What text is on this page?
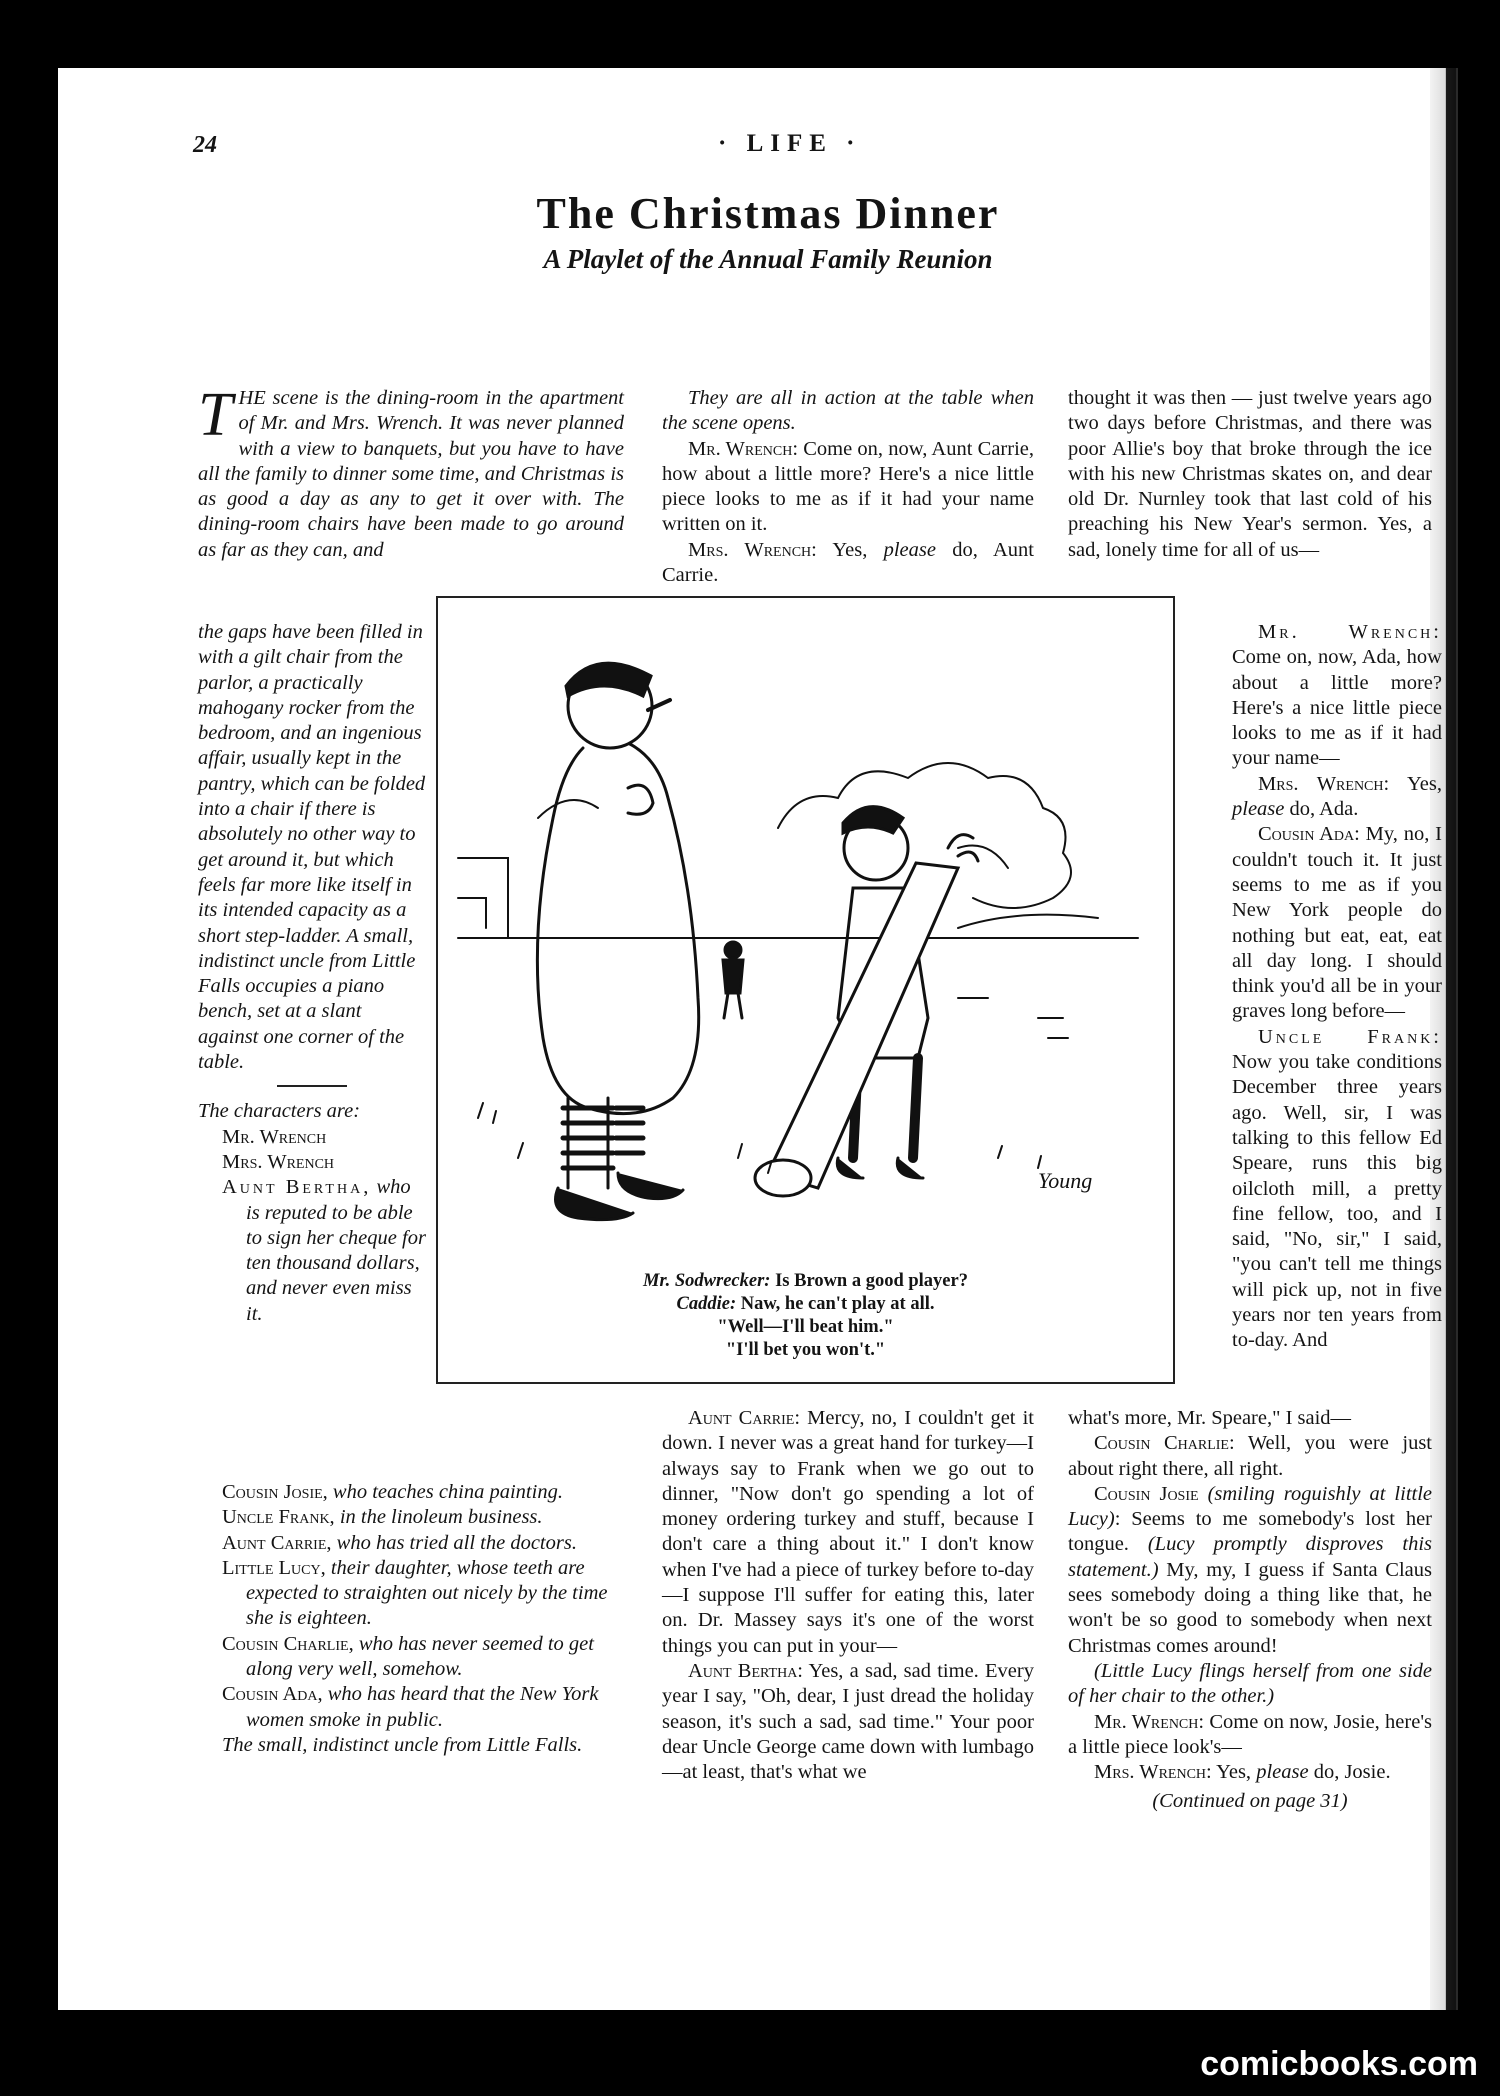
24	· LIFE ·
The Christmas Dinner
A Playlet of the Annual Family Reunion
THE scene is the dining-room in the apartment of Mr. and Mrs. Wrench. It was never planned with a view to banquets, but you have to have all the family to dinner some time, and Christmas is as good a day as any to get it over with. The dining-room chairs have been made to go around as far as they can, and

the gaps have been filled in with a gilt chair from the parlor, a practically mahogany rocker from the bedroom, and an ingenious affair, usually kept in the pantry, which can be folded into a chair if there is absolutely no other way to get around it, but which feels far more like itself in its intended capacity as a short step-ladder. A small, indistinct uncle from Little Falls occupies a piano bench, set at a slant against one corner of the table.

The characters are:

Mr. Wrench

Mrs. Wrench

Aunt Bertha, who is reputed to be able to sign her cheque for ten thousand dollars, and never even miss it.

Cousin Josie, who teaches china painting.

Uncle Frank, in the linoleum business.

Aunt Carrie, who has tried all the doctors.

Little Lucy, their daughter, whose teeth are expected to straighten out nicely by the time she is eighteen.

Cousin Charlie, who has never seemed to get along very well, somehow.

Cousin Ada, who has heard that the New York women smoke in public.

The small, indistinct uncle from Little Falls.

They are all in action at the table when the scene opens.

Mr. Wrench: Come on, now, Aunt Carrie, how about a little more? Here's a nice little piece looks to me as if it had your name written on it.

Mrs. Wrench: Yes, please do, Aunt Carrie.

thought it was then — just twelve years ago two days before Christmas, and there was poor Allie's boy that broke through the ice with his new Christmas skates on, and dear old Dr. Nurnley took that last cold of his preaching his New Year's sermon. Yes, a sad, lonely time for all of us—

Mr. Wrench: Come on, now, Ada, how about a little more? Here's a nice little piece looks to me as if it had your name—

Mrs. Wrench: Yes, please do, Ada.

Cousin Ada: My, no, I couldn't touch it. It just seems to me as if you New York people do nothing but eat, eat, eat all day long. I should think you'd all be in your graves long before—

Uncle Frank: Now you take conditions December three years ago. Well, sir, I was talking to this fellow Ed Speare, runs this big oilcloth mill, a pretty fine fellow, too, and I said, "No, sir," I said, "you can't tell me things will pick up, not in five years nor ten years from to-day. And

Young
Mr. Sodwrecker: Is Brown a good player?
Caddie: Naw, he can't play at all.
"Well—I'll beat him."
"I'll bet you won't."

Aunt Carrie: Mercy, no, I couldn't get it down. I never was a great hand for turkey—I always say to Frank when we go out to dinner, "Now don't go spending a lot of money ordering turkey and stuff, because I don't care a thing about it." I don't know when I've had a piece of turkey before to-day—I suppose I'll suffer for eating this, later on. Dr. Massey says it's one of the worst things you can put in your—

Aunt Bertha: Yes, a sad, sad time. Every year I say, "Oh, dear, I just dread the holiday season, it's such a sad, sad time." Your poor dear Uncle George came down with lumbago—at least, that's what we

what's more, Mr. Speare," I said—

Cousin Charlie: Well, you were just about right there, all right.

Cousin Josie (smiling roguishly at little Lucy): Seems to me somebody's lost her tongue. (Lucy promptly disproves this statement.) My, my, I guess if Santa Claus sees somebody doing a thing like that, he won't be so good to somebody when next Christmas comes around!

(Little Lucy flings herself from one side of her chair to the other.)

Mr. Wrench: Come on now, Josie, here's a little piece look's—

Mrs. Wrench: Yes, please do, Josie.

(Continued on page 31)

comicbooks.com
